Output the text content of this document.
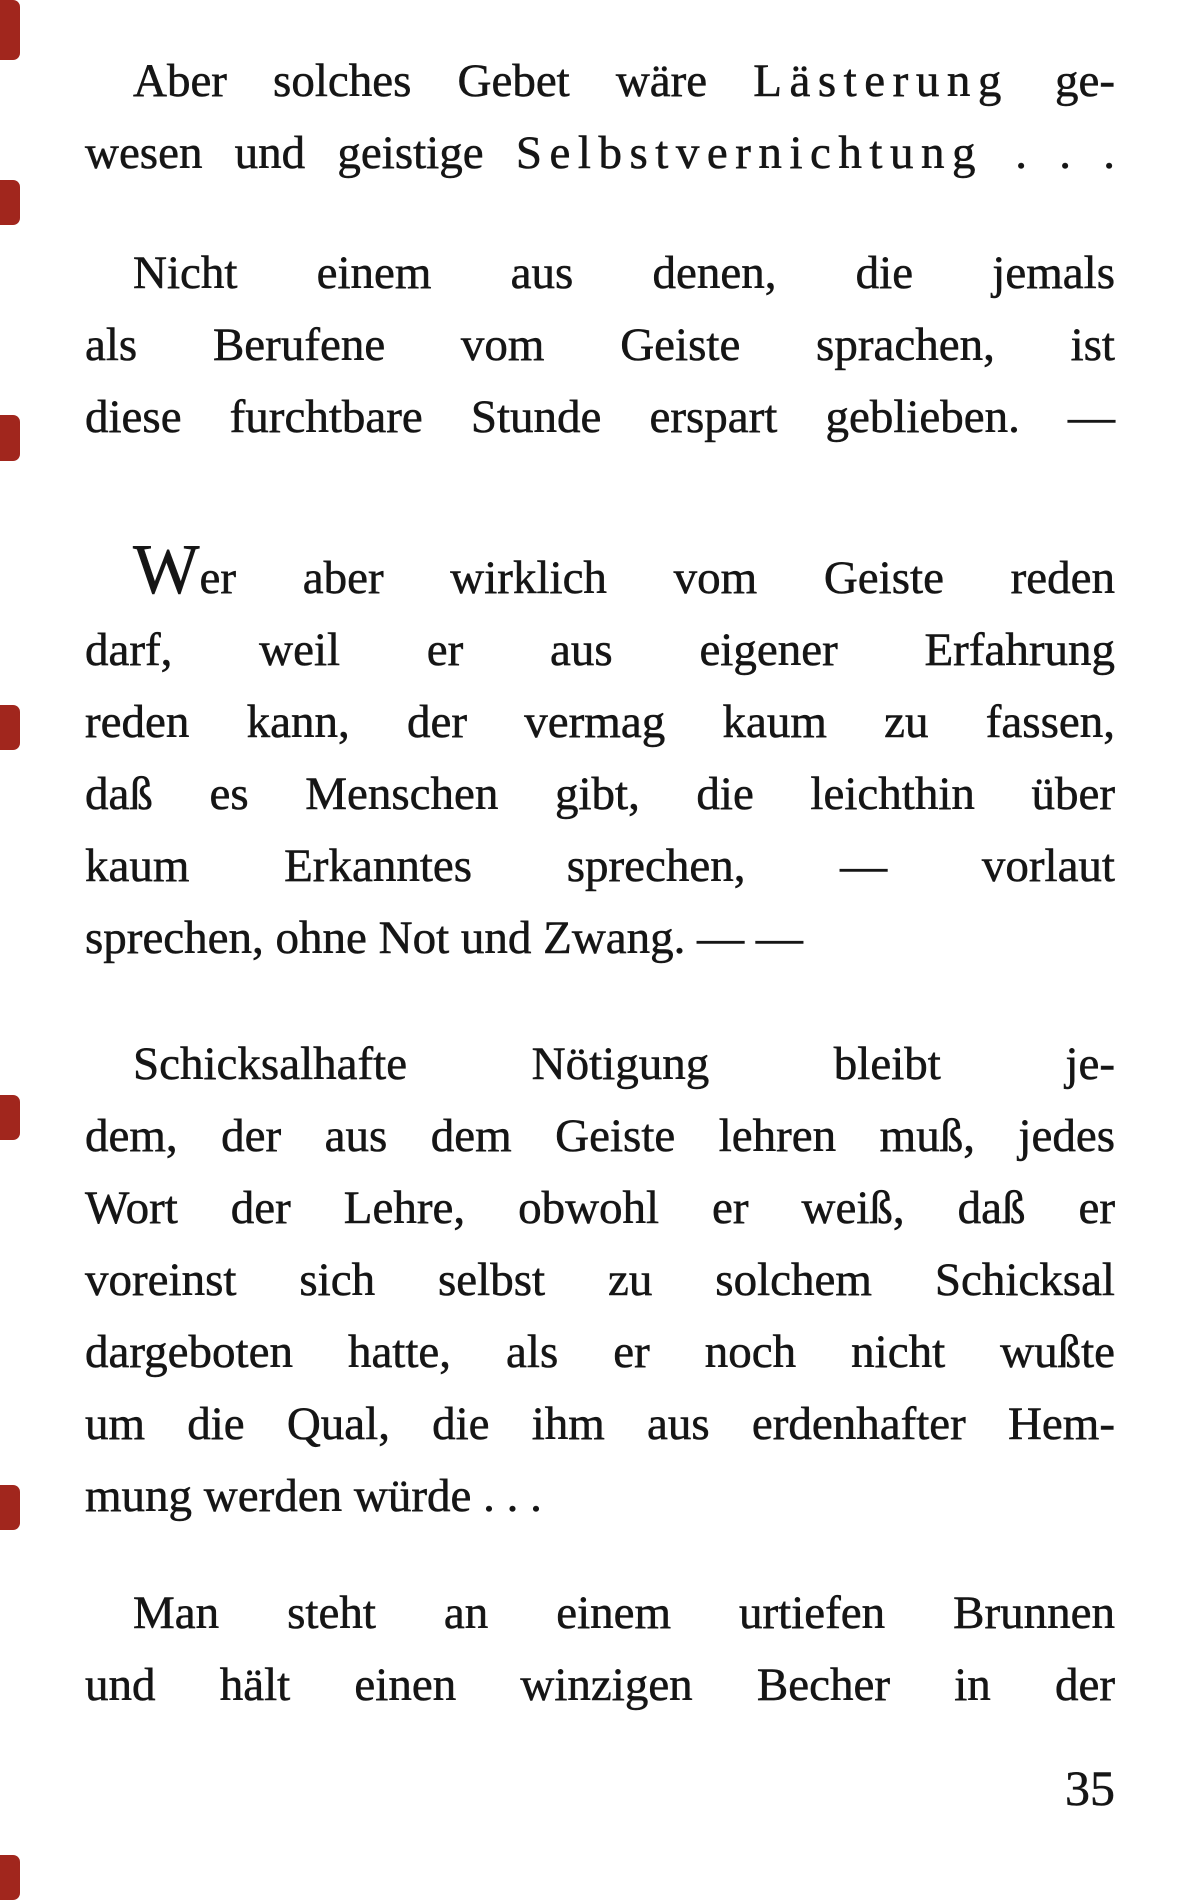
Aber solches Gebet wäre Lästerung ge-
wesen und geistige Selbstvernichtung . . .
Nicht einem aus denen, die jemals
als Berufene vom Geiste sprachen, ist
diese furchtbare Stunde erspart geblieben. —
Wer aber wirklich vom Geiste reden
darf, weil er aus eigener Erfahrung
reden kann, der vermag kaum zu fassen,
daß es Menschen gibt, die leichthin über
kaum Erkanntes sprechen, — vorlaut
sprechen, ohne Not und Zwang. — —
Schicksalhafte Nötigung bleibt je-
dem, der aus dem Geiste lehren muß, jedes
Wort der Lehre, obwohl er weiß, daß er
voreinst sich selbst zu solchem Schicksal
dargeboten hatte, als er noch nicht wußte
um die Qual, die ihm aus erdenhafter Hem-
mung werden würde . . .
Man steht an einem urtiefen Brunnen
und hält einen winzigen Becher in der
35
